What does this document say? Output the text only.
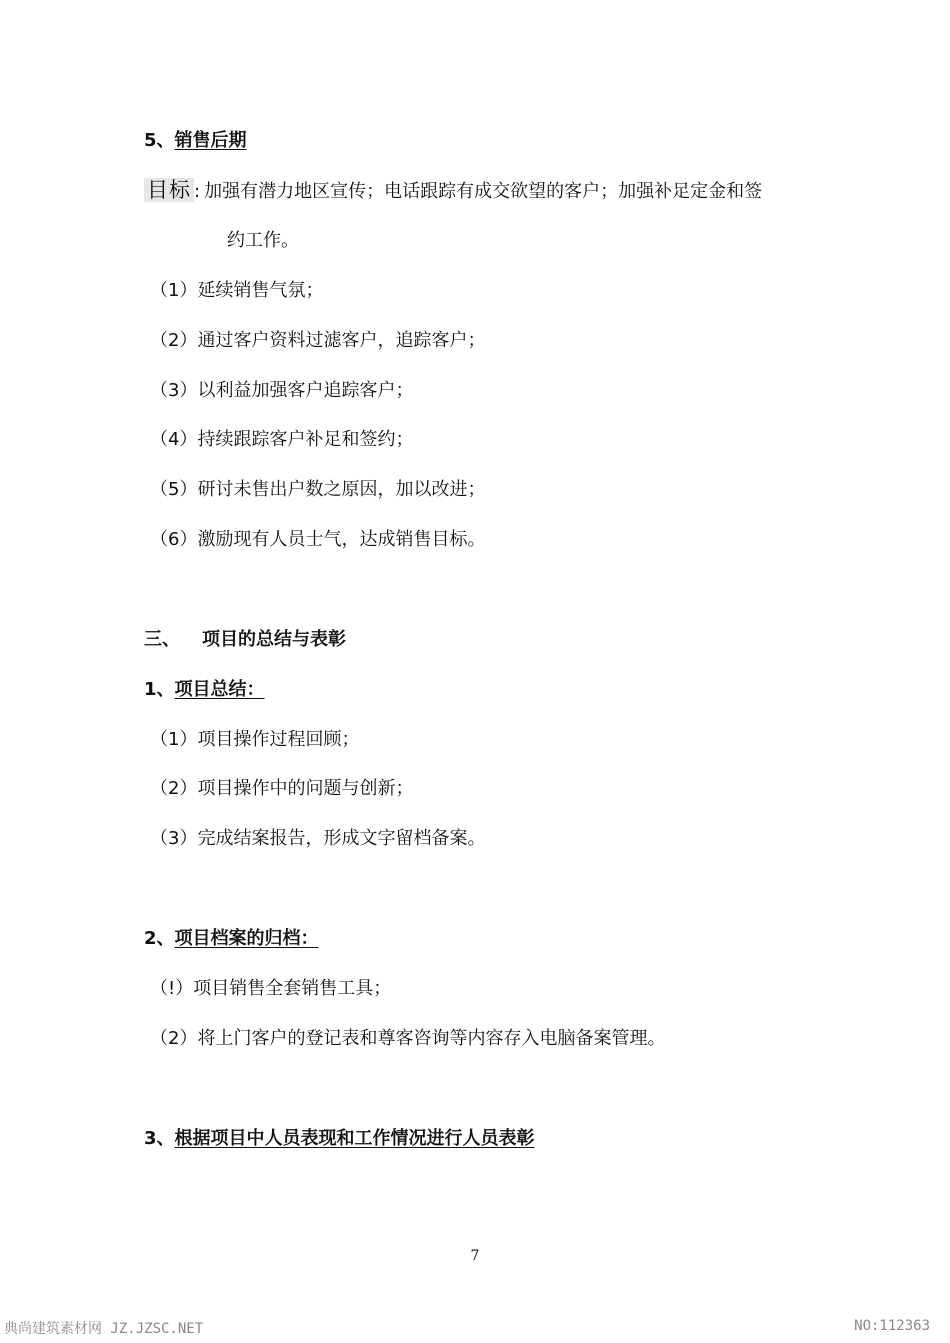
5、销售后期
目标 : 加强有潜力地区宣传；电话跟踪有成交欲望的客户；加强补足定金和签
约工作。
（1）延续销售气氛；
（2）通过客户资料过滤客户，追踪客户；
（3）以利益加强客户追踪客户；
（4）持续跟踪客户补足和签约；
（5）研讨未售出户数之原因，加以改进；
（6）激励现有人员士气，达成销售目标。
三、 项目的总结与表彰
1、项目总结：
（1）项目操作过程回顾；
（2）项目操作中的问题与创新；
（3）完成结案报告，形成文字留档备案。
2、项目档案的归档：
（!）项目销售全套销售工具；
（2）将上门客户的登记表和尊客咨询等内容存入电脑备案管理。
3、根据项目中人员表现和工作情况进行人员表彰
7
典尚建筑素材网 JZ.JZSC.NET	NO:112363
